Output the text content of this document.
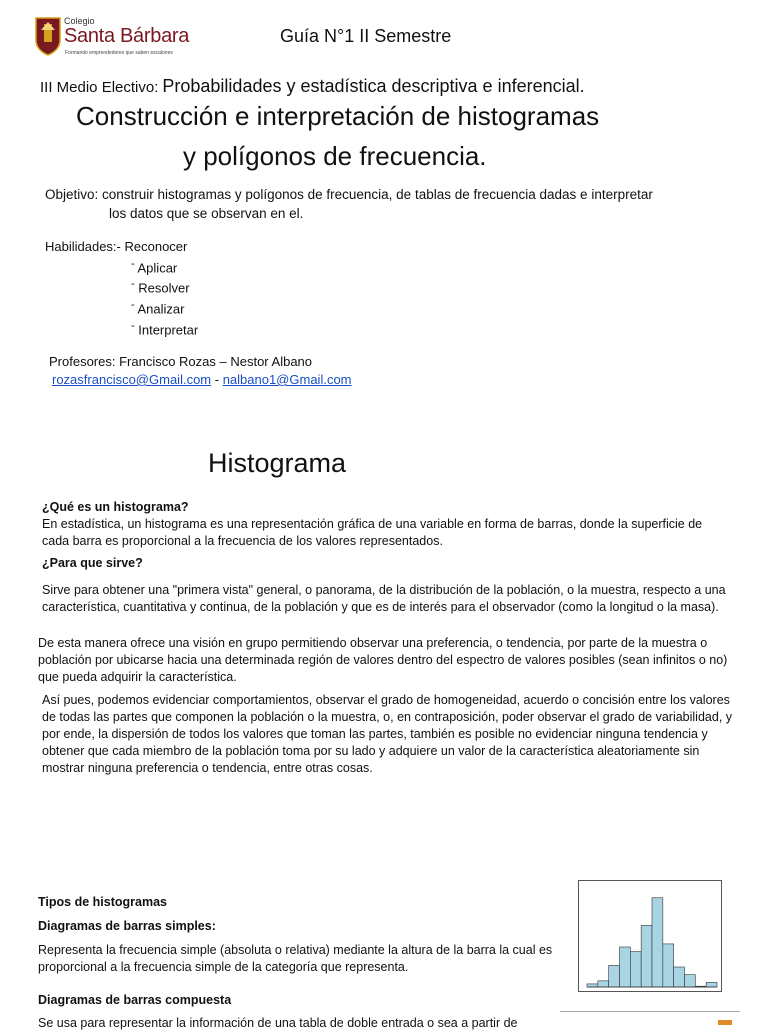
Colegio
Santa Bárbara
Formando emprendedores que saben escalones
Guía N°1 II Semestre
III Medio Electivo: Probabilidades y estadística descriptiva e inferencial.
Construcción e interpretación de histogramas
y polígonos de frecuencia.
Objetivo: construir histogramas y polígonos de frecuencia, de tablas de frecuencia dadas e interpretar
los datos que se observan en el.
Habilidades:- Reconocer
- Aplicar
- Resolver
- Analizar
- Interpretar
Profesores: Francisco Rozas – Nestor Albano
rozasfrancisco@Gmail.com - nalbano1@Gmail.com
Histograma
¿Qué es un histograma?
En estadística, un histograma es una representación gráfica de una variable en forma de barras, donde la superficie de cada barra es proporcional a la frecuencia de los valores representados.
¿Para que sirve?
Sirve para obtener una "primera vista" general, o panorama, de la distribución de la población, o la muestra, respecto a una característica, cuantitativa y continua, de la población y que es de interés para el observador (como la longitud o la masa).
De esta manera ofrece una visión en grupo permitiendo observar una preferencia, o tendencia, por parte de la muestra o población por ubicarse hacia una determinada región de valores dentro del espectro de valores posibles (sean infinitos o no) que pueda adquirir la característica.
Así pues, podemos evidenciar comportamientos, observar el grado de homogeneidad, acuerdo o concisión entre los valores de todas las partes que componen la población o la muestra, o, en contraposición, poder observar el grado de variabilidad, y por ende, la dispersión de todos los valores que toman las partes, también es posible no evidenciar ninguna tendencia y obtener que cada miembro de la población toma por su lado y adquiere un valor de la característica aleatoriamente sin mostrar ninguna preferencia o tendencia, entre otras cosas.
Tipos de histogramas
Diagramas de barras simples:
Representa la frecuencia simple (absoluta o relativa) mediante la altura de la barra la cual es proporcional a la frecuencia simple de la categoría que representa.
Diagramas de barras compuesta
Se usa para representar la información de una tabla de doble entrada o sea a partir de
